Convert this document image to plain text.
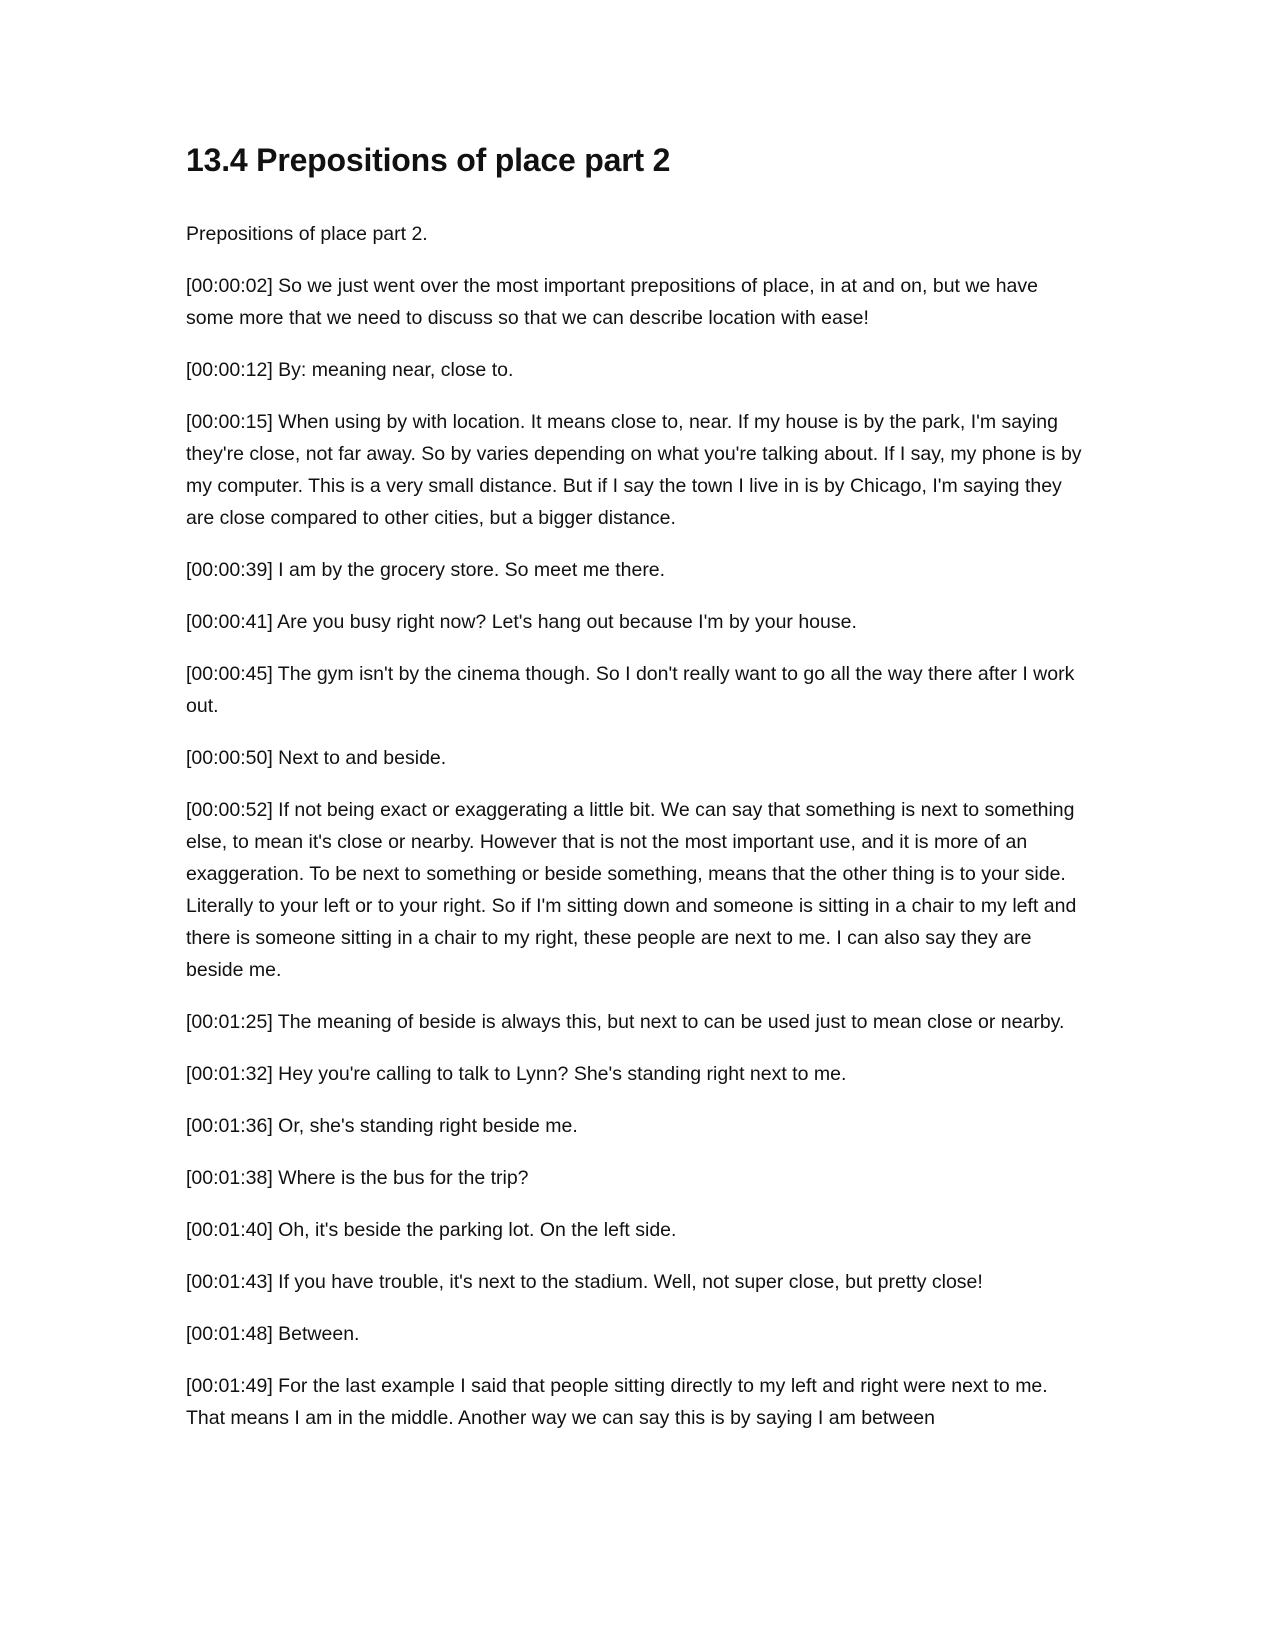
13.4 Prepositions of place part 2

Prepositions of place part 2.

[00:00:02] So we just went over the most important prepositions of place, in at and on, but we have some more that we need to discuss so that we can describe location with ease!

[00:00:12] By: meaning near, close to.

[00:00:15] When using by with location. It means close to, near. If my house is by the park, I'm saying they're close, not far away. So by varies depending on what you're talking about. If I say, my phone is by my computer. This is a very small distance. But if I say the town I live in is by Chicago, I'm saying they are close compared to other cities, but a bigger distance.

[00:00:39] I am by the grocery store. So meet me there.

[00:00:41] Are you busy right now? Let's hang out because I'm by your house.

[00:00:45] The gym isn't by the cinema though. So I don't really want to go all the way there after I work out.

[00:00:50] Next to and beside.

[00:00:52] If not being exact or exaggerating a little bit. We can say that something is next to something else, to mean it's close or nearby. However that is not the most important use, and it is more of an exaggeration. To be next to something or beside something, means that the other thing is to your side. Literally to your left or to your right. So if I'm sitting down and someone is sitting in a chair to my left and there is someone sitting in a chair to my right, these people are next to me. I can also say they are beside me.

[00:01:25] The meaning of beside is always this, but next to can be used just to mean close or nearby.

[00:01:32] Hey you're calling to talk to Lynn? She's standing right next to me.

[00:01:36] Or, she's standing right beside me.

[00:01:38] Where is the bus for the trip?

[00:01:40] Oh, it's beside the parking lot. On the left side.

[00:01:43] If you have trouble, it's next to the stadium. Well, not super close, but pretty close!

[00:01:48] Between.

[00:01:49] For the last example I said that people sitting directly to my left and right were next to me. That means I am in the middle. Another way we can say this is by saying I am between
